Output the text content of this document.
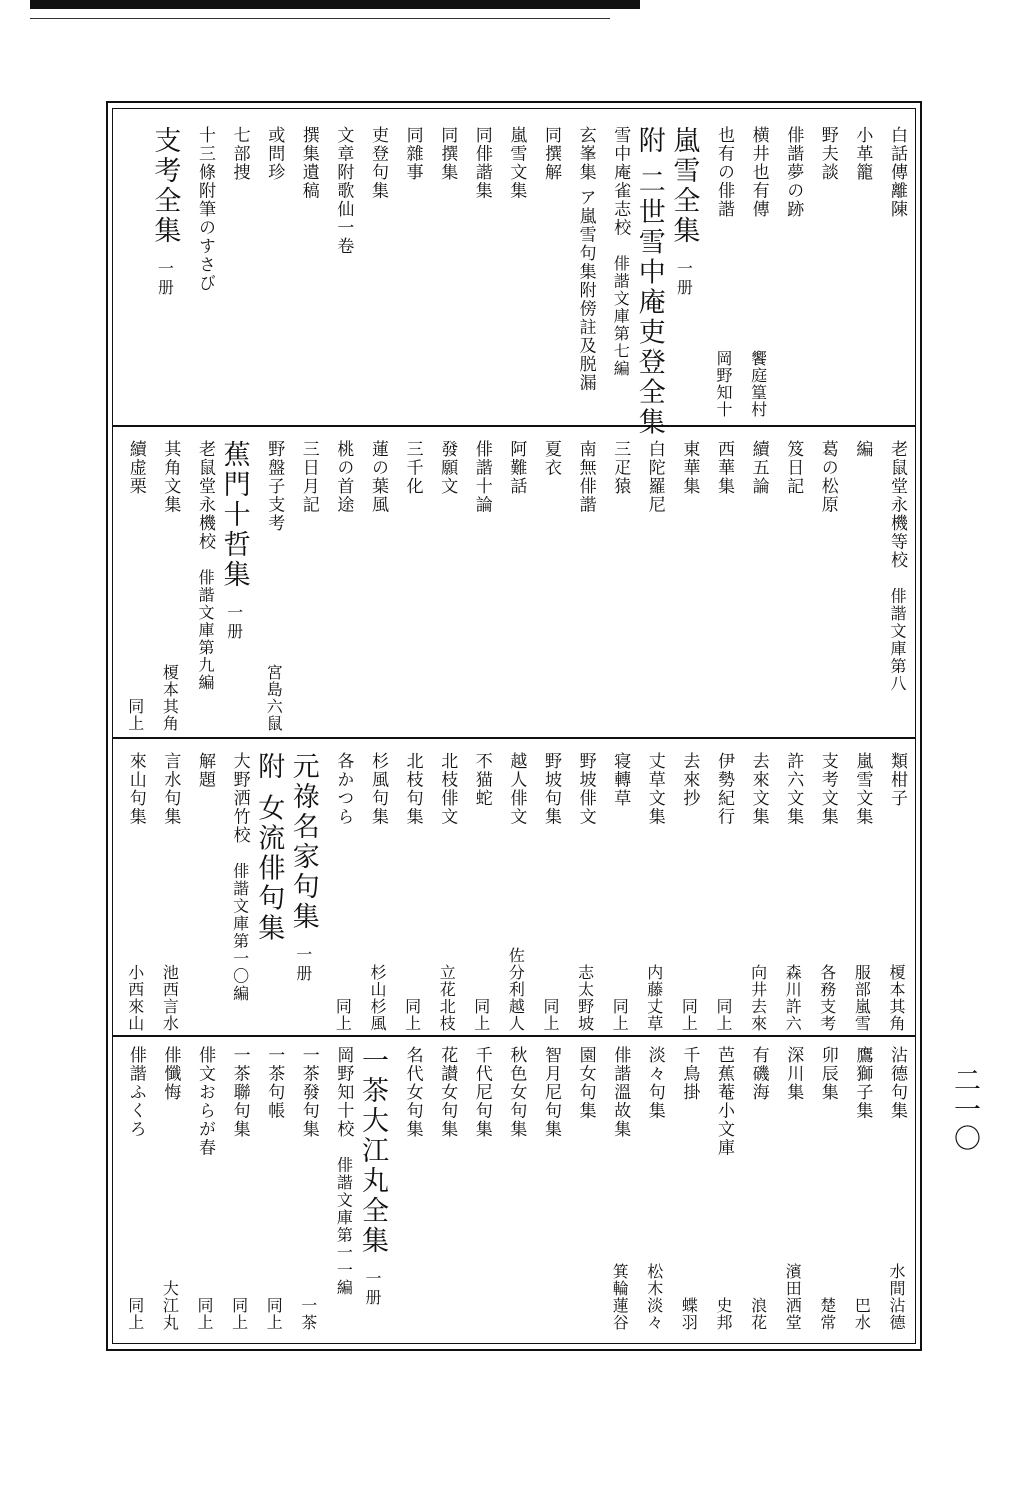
二一〇
白話傳離陳
小革籠
野夫談
俳諧夢の跡
横井也有傳
饗庭篁村
也有の俳諧
岡野知十
嵐雪全集一册
附 二世雪中庵吏登全集
雪中庵雀志校俳諧文庫第七編
玄峯集 ア嵐雪句集附傍註及脱漏
同撰解
嵐雪文集
同俳諧集
同撰集
同雜事
吏登句集
文章附歌仙一卷
撰集遺稿
或問珍
七部捜
十三條附筆のすさび
支考全集一册
老鼠堂永機等校俳諧文庫第八
編
葛の松原
笈日記
續五論
西華集
東華集
白陀羅尼
三疋猿
南無俳諧
夏衣
阿難話
俳諧十論
發願文
三千化
蓮の葉風
桃の首途
三日月記
野盤子支考
宮島六鼠
蕉門十哲集一册
老鼠堂永機校俳諧文庫第九編
其角文集
榎本其角
續虚栗
同上
類柑子
榎本其角
嵐雪文集
服部嵐雪
支考文集
各務支考
許六文集
森川許六
去來文集
向井去來
伊勢紀行
同上
去來抄
同上
丈草文集
内藤丈草
寝轉草
同上
野坡俳文
志太野坡
野坡句集
同上
越人俳文
佐分利越人
不猫蛇
同上
北枝俳文
立花北枝
北枝句集
同上
杉風句集
杉山杉風
各かつら
同上
元祿名家句集一册
附 女流俳句集
大野洒竹校俳諧文庫第一〇編
解題
言水句集
池西言水
來山句集
小西來山
沾德句集
水間沾德
鷹獅子集
巴水
卯辰集
楚常
深川集
濱田洒堂
有磯海
浪花
芭蕉菴小文庫
史邦
千鳥掛
蝶羽
淡々句集
松木淡々
俳諧溫故集
箕輪蓮谷
園女句集
智月尼句集
秋色女句集
千代尼句集
花讃女句集
名代女句集
一茶大江丸全集一册
岡野知十校俳諧文庫第一一編
一茶發句集
一茶
一茶句帳
同上
一茶聯句集
同上
俳文おらが春
同上
俳懺悔
大江丸
俳諧ふくろ
同上
